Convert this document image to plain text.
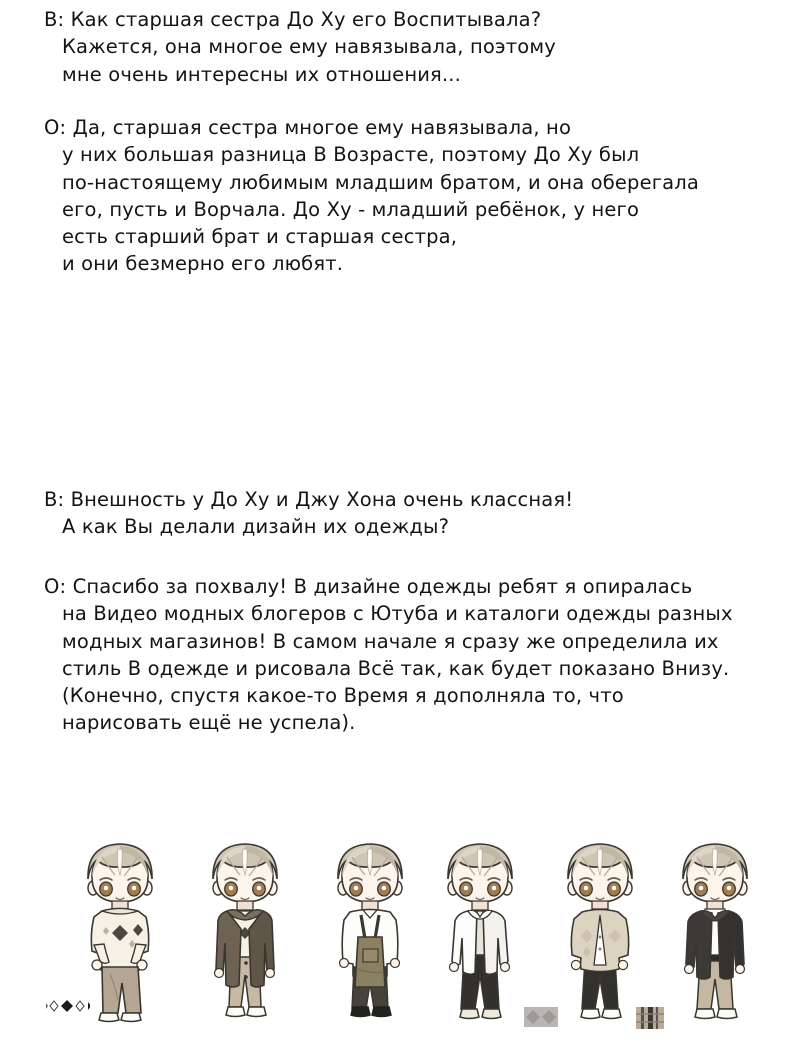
В: Как старшая сестра До Ху его Воспитывала?
Кажется, она многое ему навязывала, поэтому
мне очень интересны их отношения...
О: Да, старшая сестра многое ему навязывала, но
у них большая разница В Возрасте, поэтому До Ху был
по-настоящему любимым младшим братом, и она оберегала
его, пусть и Ворчала. До Ху - младший ребёнок, у него
есть старший брат и старшая сестра,
и они безмерно его любят.
В: Внешность у До Ху и Джу Хона очень классная!
А как Вы делали дизайн их одежды?
О: Спасибо за похвалу! В дизайне одежды ребят я опиралась
на Видео модных блогеров с Ютуба и каталоги одежды разных
модных магазинов! В самом начале я сразу же определила их
стиль В одежде и рисовала Всё так, как будет показано Внизу.
(Конечно, спустя какое-то Время я дополняла то, что
нарисовать ещё не успела).
